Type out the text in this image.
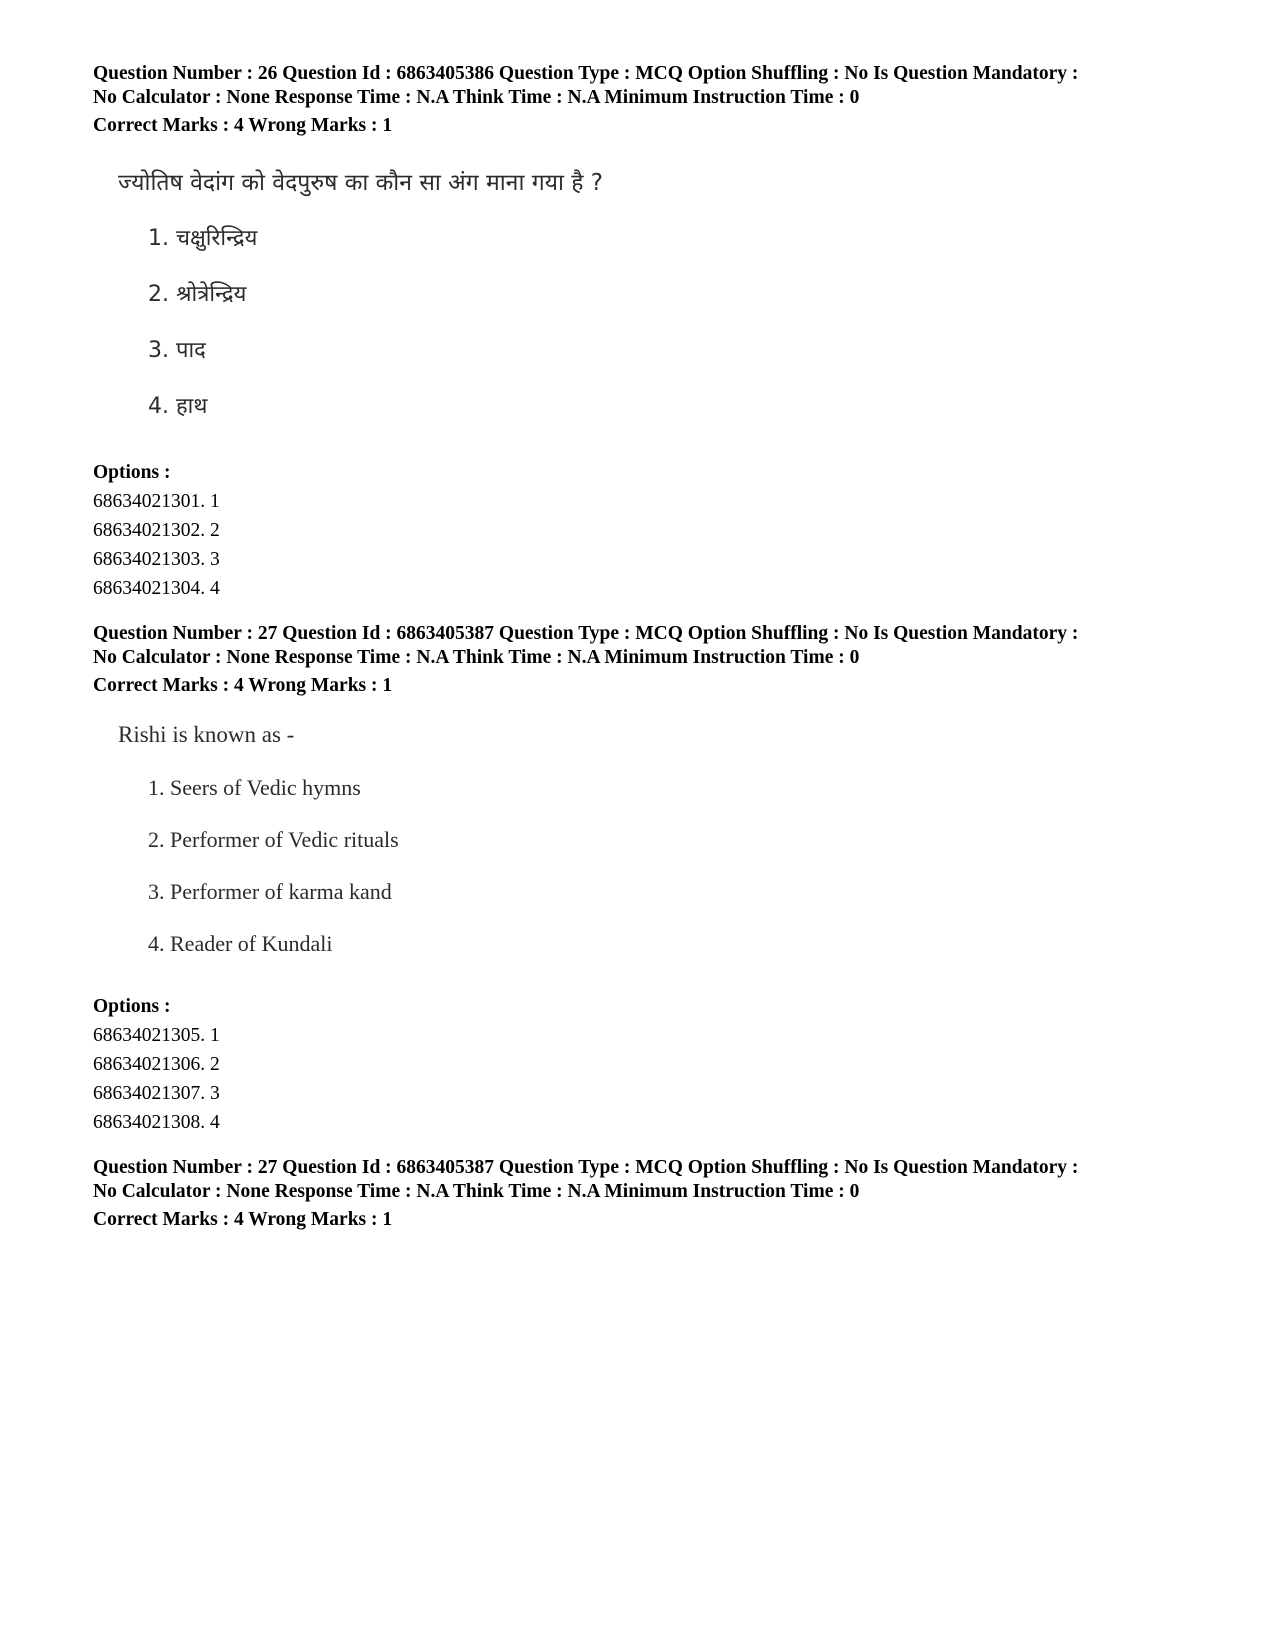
Question Number : 26 Question Id : 6863405386 Question Type : MCQ Option Shuffling : No Is Question Mandatory :
No Calculator : None Response Time : N.A Think Time : N.A Minimum Instruction Time : 0
Correct Marks : 4 Wrong Marks : 1
ज्योतिष वेदांग को वेदपुरुष का कौन सा अंग माना गया है ?
1. चक्षुरिन्द्रिय
2. श्रोत्रेन्द्रिय
3. पाद
4. हाथ
Options :
68634021301. 1
68634021302. 2
68634021303. 3
68634021304. 4
Question Number : 27 Question Id : 6863405387 Question Type : MCQ Option Shuffling : No Is Question Mandatory :
No Calculator : None Response Time : N.A Think Time : N.A Minimum Instruction Time : 0
Correct Marks : 4 Wrong Marks : 1
Rishi is known as -
1. Seers of Vedic hymns
2. Performer of Vedic rituals
3. Performer of karma kand
4. Reader of Kundali
Options :
68634021305. 1
68634021306. 2
68634021307. 3
68634021308. 4
Question Number : 27 Question Id : 6863405387 Question Type : MCQ Option Shuffling : No Is Question Mandatory :
No Calculator : None Response Time : N.A Think Time : N.A Minimum Instruction Time : 0
Correct Marks : 4 Wrong Marks : 1
